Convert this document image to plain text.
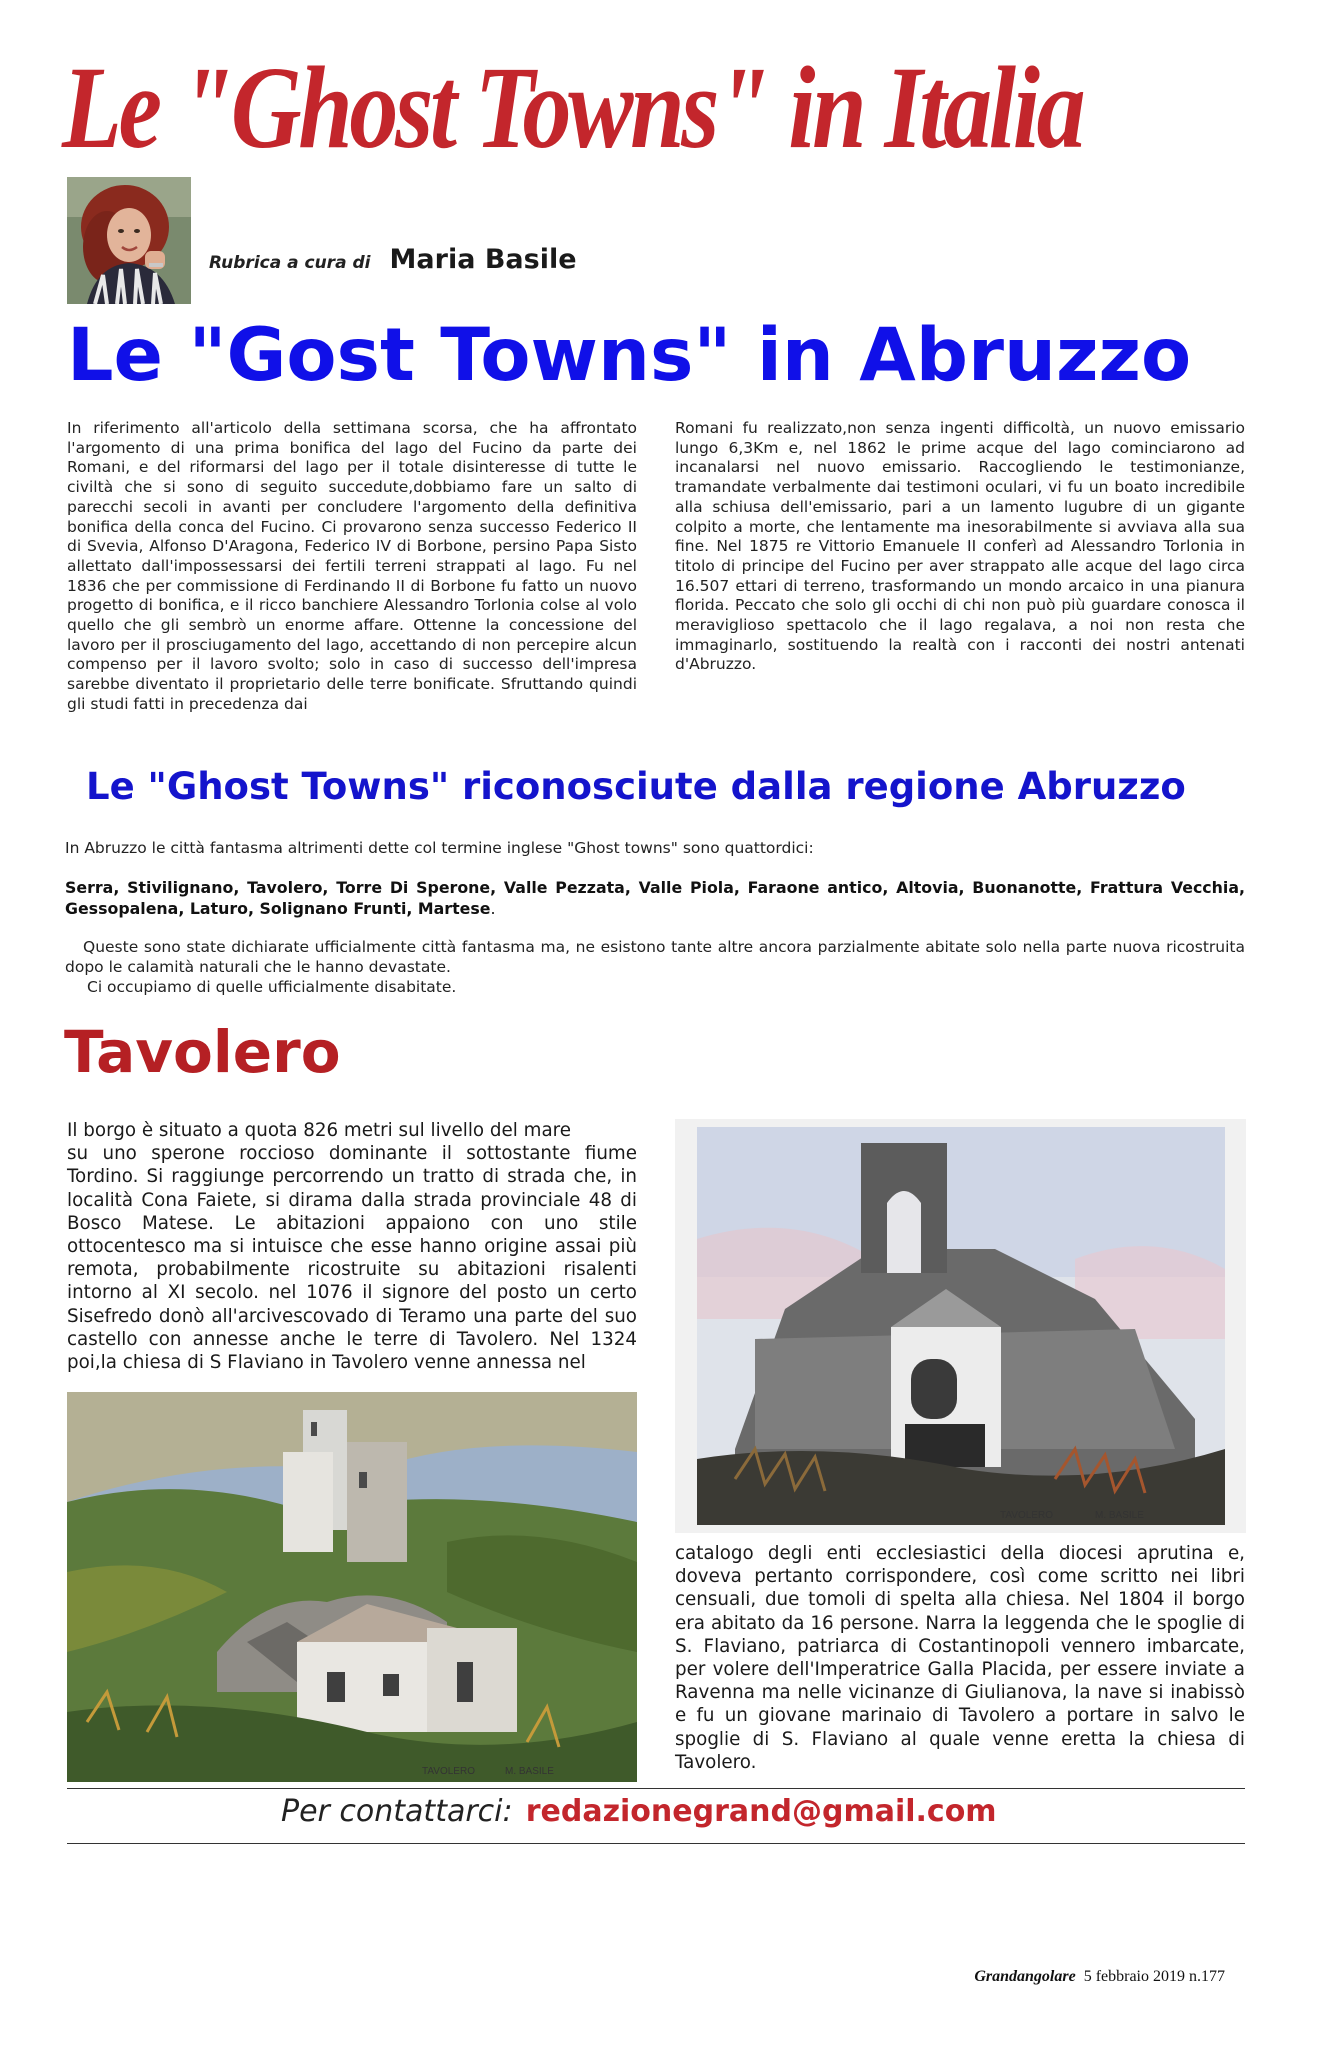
Le "Ghost Towns" in Italia
Rubrica a cura di Maria Basile
Le "Gost Towns" in Abruzzo
In riferimento all'articolo della settimana scorsa, che ha affrontato l'argomento di una prima bonifica del lago del Fucino da parte dei Romani, e del riformarsi del lago per il totale disinteresse di tutte le civiltà che si sono di seguito succedute,dobbiamo fare un salto di parecchi secoli in avanti per concludere l'argomento della definitiva bonifica della conca del Fucino. Ci provarono senza successo Federico II di Svevia, Alfonso D'Aragona, Federico IV di Borbone, persino Papa Sisto allettato dall'impossessarsi dei fertili terreni strappati al lago. Fu nel 1836 che per commissione di Ferdinando II di Borbone fu fatto un nuovo progetto di bonifica, e il ricco banchiere Alessandro Torlonia colse al volo quello che gli sembrò un enorme affare. Ottenne la concessione del lavoro per il prosciugamento del lago, accettando di non percepire alcun compenso per il lavoro svolto; solo in caso di successo dell'impresa sarebbe diventato il proprietario delle terre bonificate. Sfruttando quindi gli studi fatti in precedenza dai
Romani fu realizzato,non senza ingenti difficoltà, un nuovo emissario lungo 6,3Km e, nel 1862 le prime acque del lago cominciarono ad incanalarsi nel nuovo emissario. Raccogliendo le testimonianze, tramandate verbalmente dai testimoni oculari, vi fu un boato incredibile alla schiusa dell'emissario, pari a un lamento lugubre di un gigante colpito a morte, che lentamente ma inesorabilmente si avviava alla sua fine. Nel 1875 re Vittorio Emanuele II conferì ad Alessandro Torlonia in titolo di principe del Fucino per aver strappato alle acque del lago circa 16.507 ettari di terreno, trasformando un mondo arcaico in una pianura florida. Peccato che solo gli occhi di chi non può più guardare conosca il meraviglioso spettacolo che il lago regalava, a noi non resta che immaginarlo, sostituendo la realtà con i racconti dei nostri antenati d'Abruzzo.
Le "Ghost Towns" riconosciute dalla regione Abruzzo
In Abruzzo le città fantasma altrimenti dette col termine inglese "Ghost towns" sono quattordici:
Serra, Stivilignano, Tavolero, Torre Di Sperone, Valle Pezzata, Valle Piola, Faraone antico, Altovia, Buonanotte, Frattura Vecchia, Gessopalena, Laturo, Solignano Frunti, Martese.
Queste sono state dichiarate ufficialmente città fantasma ma, ne esistono tante altre ancora parzialmente abitate solo nella parte nuova ricostruita dopo le calamità naturali che le hanno devastate.
Ci occupiamo di quelle ufficialmente disabitate.
Tavolero
Il borgo è situato a quota 826 metri sul livello del mare
su uno sperone roccioso dominante il sottostante fiume Tordino. Si raggiunge percorrendo un tratto di strada che, in località Cona Faiete, si dirama dalla strada provinciale 48 di Bosco Matese. Le abitazioni appaiono con uno stile ottocentesco ma si intuisce che esse hanno origine assai più remota, probabilmente ricostruite su abitazioni risalenti intorno al XI secolo. nel 1076 il signore del posto un certo Sisefredo donò all'arcivescovado di Teramo una parte del suo castello con annesse anche le terre di Tavolero. Nel 1324 poi,la chiesa di S Flaviano in Tavolero venne annessa nel
TAVOLERO	M. BASILE
TAVOLERO	M. BASILE
catalogo degli enti ecclesiastici della diocesi aprutina e, doveva pertanto corrispondere, così come scritto nei libri censuali, due tomoli di spelta alla chiesa. Nel 1804 il borgo era abitato da 16 persone. Narra la leggenda che le spoglie di S. Flaviano, patriarca di Costantinopoli vennero imbarcate, per volere dell'Imperatrice Galla Placida, per essere inviate a Ravenna ma nelle vicinanze di Giulianova, la nave si inabissò e fu un giovane marinaio di Tavolero a portare in salvo le spoglie di S. Flaviano al quale venne eretta la chiesa di Tavolero.
Per contattarci: redazionegrand@gmail.com
Grandangolare 5 febbraio 2019 n.177
